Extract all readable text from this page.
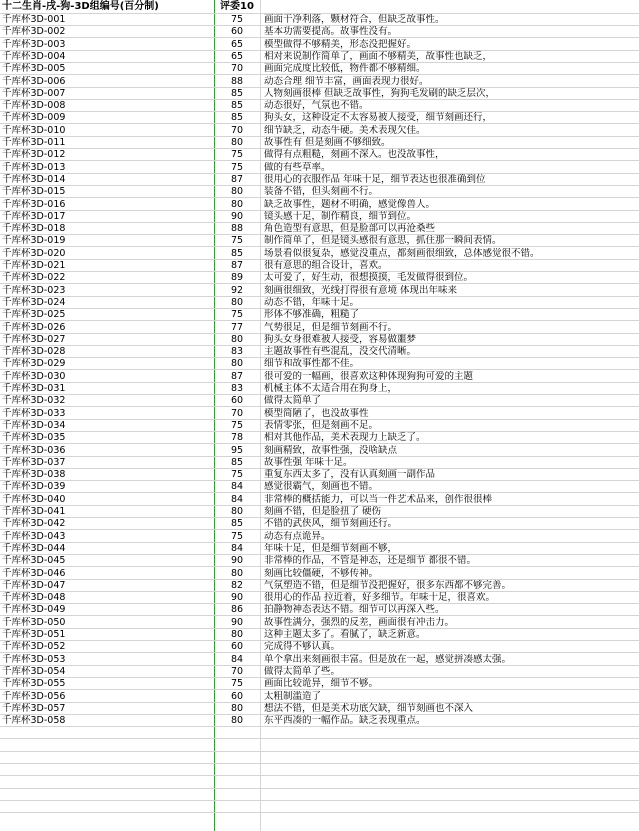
十二生肖-戌-狗-3D组编号(百分制)	评委10
千库杯3D-001	75	画面干净利落，颗材符合，但缺乏故事性。
千库杯3D-002	60	基本功需要提高。故事性没有。
千库杯3D-003	65	模型做得不够精美，形态没把握好。
千库杯3D-004	65	相对来说制作简单了，画面不够精美，故事性也缺乏，
千库杯3D-005	70	画面完成度比较低，物件都不够精细。
千库杯3D-006	88	动态合理 细节丰富，画面表现力很好。
千库杯3D-007	85	人物刻画很棒 但缺乏故事性，狗狗毛发刷的缺乏层次，
千库杯3D-008	85	动态很好，气氛也不错。
千库杯3D-009	85	狗头女，这种设定不太容易被人接受，细节刻画还行，
千库杯3D-010	70	细节缺乏，动态牛硬。美术表现欠佳。
千库杯3D-011	80	故事性有 但是刻画不够细致。
千库杯3D-012	75	做得有点粗糙，刻画不深入。也没故事性，
千库杯3D-013	75	做的有些草率。
千库杯3D-014	87	很用心的衣服作品 年味十足，细节表达也很准确到位
千库杯3D-015	80	装备不错，但头刻画不行。
千库杯3D-016	80	缺乏故事性，题材不明确，感觉像兽人。
千库杯3D-017	90	镜头感十足，制作精良，细节到位。
千库杯3D-018	88	角色造型有意思，但是脸部可以再沧桑些
千库杯3D-019	75	制作简单了，但是镜头感很有意思，抓住那一瞬间表情。
千库杯3D-020	85	场景看似很复杂，感觉没重点，都刻画很细致，总体感觉很不错。
千库杯3D-021	87	很有意思的组合设计，喜欢。
千库杯3D-022	89	太可爱了，好生动，很想摸摸，毛发做得很到位。
千库杯3D-023	92	刻画很细致，光线打得很有意境 体现出年味来
千库杯3D-024	80	动态不错，年味十足。
千库杯3D-025	75	形体不够准确，粗糙了
千库杯3D-026	77	气势很足，但是细节刻画不行。
千库杯3D-027	80	狗头女身很难被人接受，容易做噩梦
千库杯3D-028	83	主题故事性有些混乱，没交代清晰。
千库杯3D-029	80	细节和故事性都不佳。
千库杯3D-030	87	很可爱的一幅画，很喜欢这种体现狗狗可爱的主题
千库杯3D-031	83	机械主体不太适合用在狗身上，
千库杯3D-032	60	做得太简单了
千库杯3D-033	70	模型简陋了，也没故事性
千库杯3D-034	75	表情零张，但是刻画不足。
千库杯3D-035	78	相对其他作品，美术表现力上缺乏了。
千库杯3D-036	95	刻画精致，故事性强，没啥缺点
千库杯3D-037	85	故事性强 年味十足。
千库杯3D-038	75	重复东西太多了，没有认真刻画一副作品
千库杯3D-039	84	感觉很霸气，刻画也不错。
千库杯3D-040	84	非常棒的概括能力，可以当一件艺术品来，创作很很棒
千库杯3D-041	80	刻画不错，但是脸扭了 硬伤
千库杯3D-042	85	不错的武侠风，细节刻画还行。
千库杯3D-043	75	动态有点诡异。
千库杯3D-044	84	年味十足，但是细节刻画不够，
千库杯3D-045	90	非常棒的作品，不管是神态，还是细节 都很不错。
千库杯3D-046	80	刻画比较僵硬，不够传神。
千库杯3D-047	82	气氛塑造不错，但是细节没把握好，很多东西都不够完善。
千库杯3D-048	90	很用心的作品 拉近着，好多细节。年味十足，很喜欢。
千库杯3D-049	86	拍静物神态表达不错。细节可以再深入些。
千库杯3D-050	90	故事性满分，强烈的反差，画面很有冲击力。
千库杯3D-051	80	这种主题太多了。看腻了，缺乏新意。
千库杯3D-052	60	完成得不够认真。
千库杯3D-053	84	单个拿出来刻画很丰富。但是放在一起，感觉拼凑感太强。
千库杯3D-054	70	做得太简单了些。
千库杯3D-055	75	画面比较诡异，细节不够。
千库杯3D-056	60	太粗制滥造了
千库杯3D-057	80	想法不错，但是美术功底欠缺，细节刻画也不深入
千库杯3D-058	80	东平西凑的一幅作品。缺乏表现重点。
